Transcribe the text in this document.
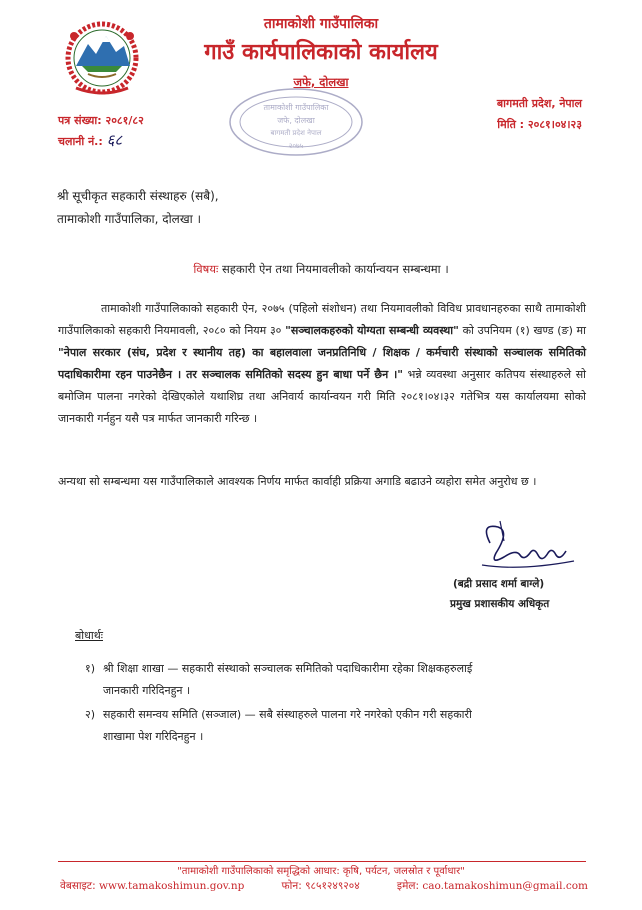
तामाकोशी गाउँपालिका
गाउँ कार्यपालिकाको कार्यालय
जफे, दोलखा
पत्र संख्या: २०८१/८२
चलानी नं.: ६८
बागमती प्रदेश, नेपाल
मिति : २०८१।०४।२३
तामाकोशी गाउँपालिका
जफे, दोलखा
बागमती प्रदेश नेपाल
२०७५
श्री सूचीकृत सहकारी संस्थाहरु (सबै),
तामाकोशी गाउँपालिका, दोलखा ।
विषयः सहकारी ऐन तथा नियमावलीको कार्यान्वयन सम्बन्धमा ।
तामाकोशी गाउँपालिकाको सहकारी ऐन, २०७५ (पहिलो संशोधन) तथा नियमावलीको विविध प्रावधानहरुका साथै तामाकोशी गाउँपालिकाको सहकारी नियमावली, २०८० को नियम ३० "सञ्चालकहरुको योग्यता सम्बन्धी व्यवस्था" को उपनियम (१) खण्ड (ङ) मा "नेपाल सरकार (संघ, प्रदेश र स्थानीय तह) का बहालवाला जनप्रतिनिधि / शिक्षक / कर्मचारी संस्थाको सञ्चालक समितिको पदाधिकारीमा रहन पाउनेछैन । तर सञ्चालक समितिको सदस्य हुन बाधा पर्ने छैन ।" भन्ने व्यवस्था अनुसार कतिपय संस्थाहरुले सो बमोजिम पालना नगरेको देखिएकोले यथाशिघ्र तथा अनिवार्य कार्यान्वयन गरी मिति २०८१।०४।३२ गतेभित्र यस कार्यालयमा सोको जानकारी गर्नहुन यसै पत्र मार्फत जानकारी गरिन्छ ।
अन्यथा सो सम्बन्धमा यस गाउँपालिकाले आवश्यक निर्णय मार्फत कार्वाही प्रक्रिया अगाडि बढाउने व्यहोरा समेत अनुरोध छ ।
(बद्री प्रसाद शर्मा बाग्ले)
प्रमुख प्रशासकीय अधिकृत
बोधार्थः
१) श्री शिक्षा शाखा — सहकारी संस्थाको सञ्चालक समितिको पदाधिकारीमा रहेका शिक्षकहरुलाई
जानकारी गरिदिनहुन ।
२) सहकारी समन्वय समिति (सञ्जाल) — सबै संस्थाहरुले पालना गरे नगरेको एकीन गरी सहकारी
शाखामा पेश गरिदिनहुन ।
"तामाकोशी गाउँपालिकाको समृद्धिको आधार: कृषि, पर्यटन, जलस्रोत र पूर्वाधार"
वेबसाइट: www.tamakoshimun.gov.np	फोन: ९८५१२४९२०४	इमेल: cao.tamakoshimun@gmail.com
